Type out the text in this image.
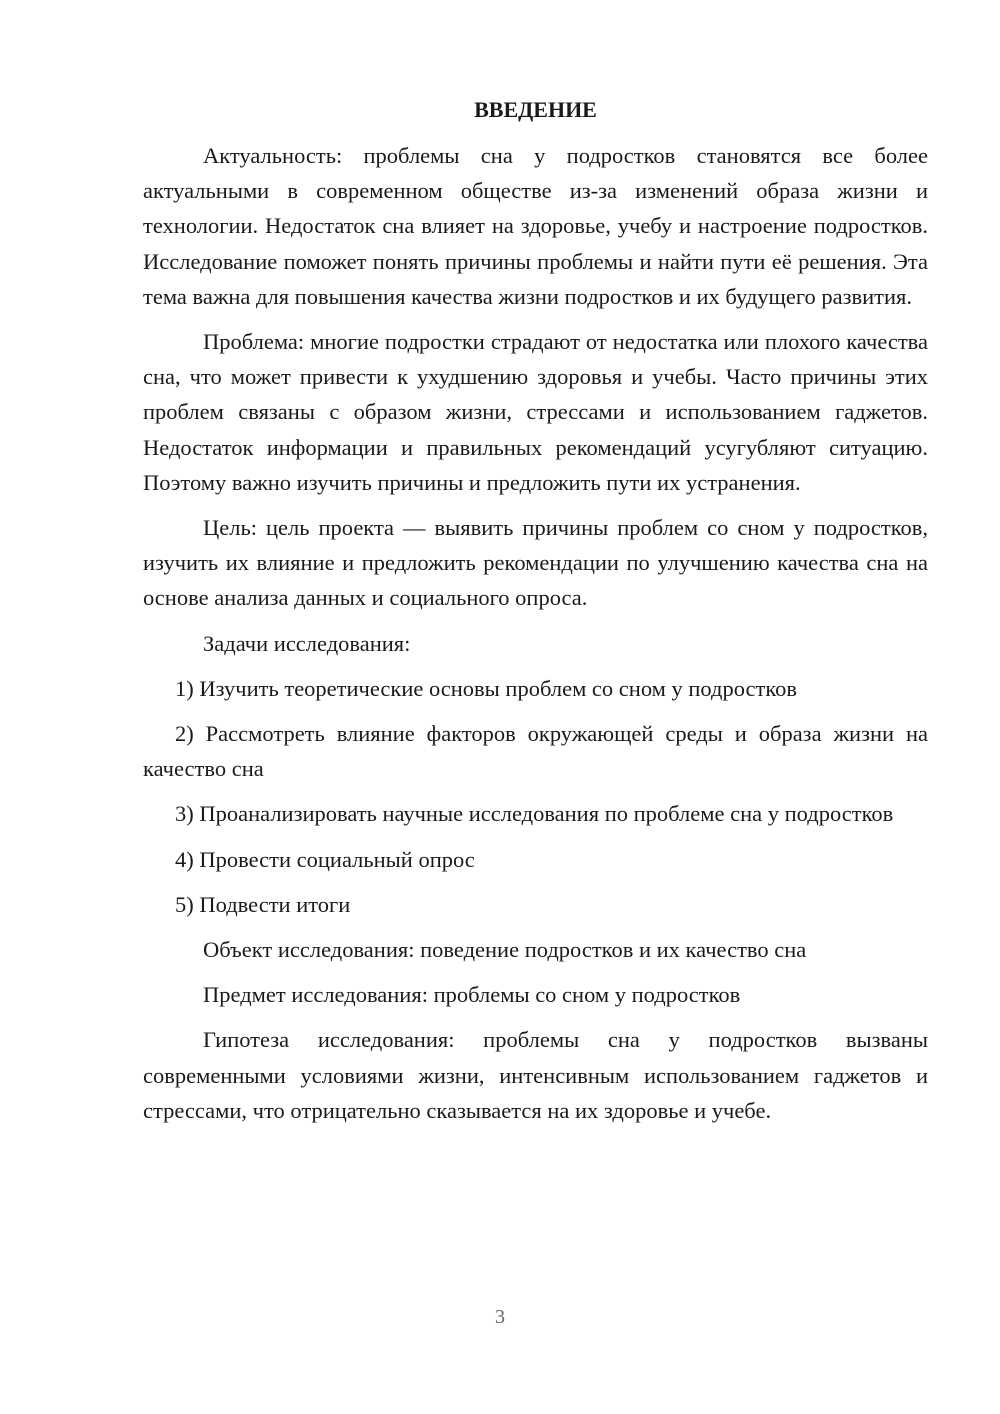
ВВЕДЕНИЕ

Актуальность: проблемы сна у подростков становятся все более актуальными в современном обществе из-за изменений образа жизни и технологии. Недостаток сна влияет на здоровье, учебу и настроение подростков. Исследование поможет понять причины проблемы и найти пути её решения. Эта тема важна для повышения качества жизни подростков и их будущего развития.

Проблема: многие подростки страдают от недостатка или плохого качества сна, что может привести к ухудшению здоровья и учебы. Часто причины этих проблем связаны с образом жизни, стрессами и использованием гаджетов. Недостаток информации и правильных рекомендаций усугубляют ситуацию. Поэтому важно изучить причины и предложить пути их устранения.

Цель: цель проекта — выявить причины проблем со сном у подростков, изучить их влияние и предложить рекомендации по улучшению качества сна на основе анализа данных и социального опроса.

Задачи исследования:

1) Изучить теоретические основы проблем со сном у подростков

2) Рассмотреть влияние факторов окружающей среды и образа жизни на качество сна

3) Проанализировать научные исследования по проблеме сна у подростков

4) Провести социальный опрос

5) Подвести итоги

Объект исследования: поведение подростков и их качество сна

Предмет исследования: проблемы со сном у подростков

Гипотеза исследования: проблемы сна у подростков вызваны современными условиями жизни, интенсивным использованием гаджетов и стрессами, что отрицательно сказывается на их здоровье и учебе.

3
